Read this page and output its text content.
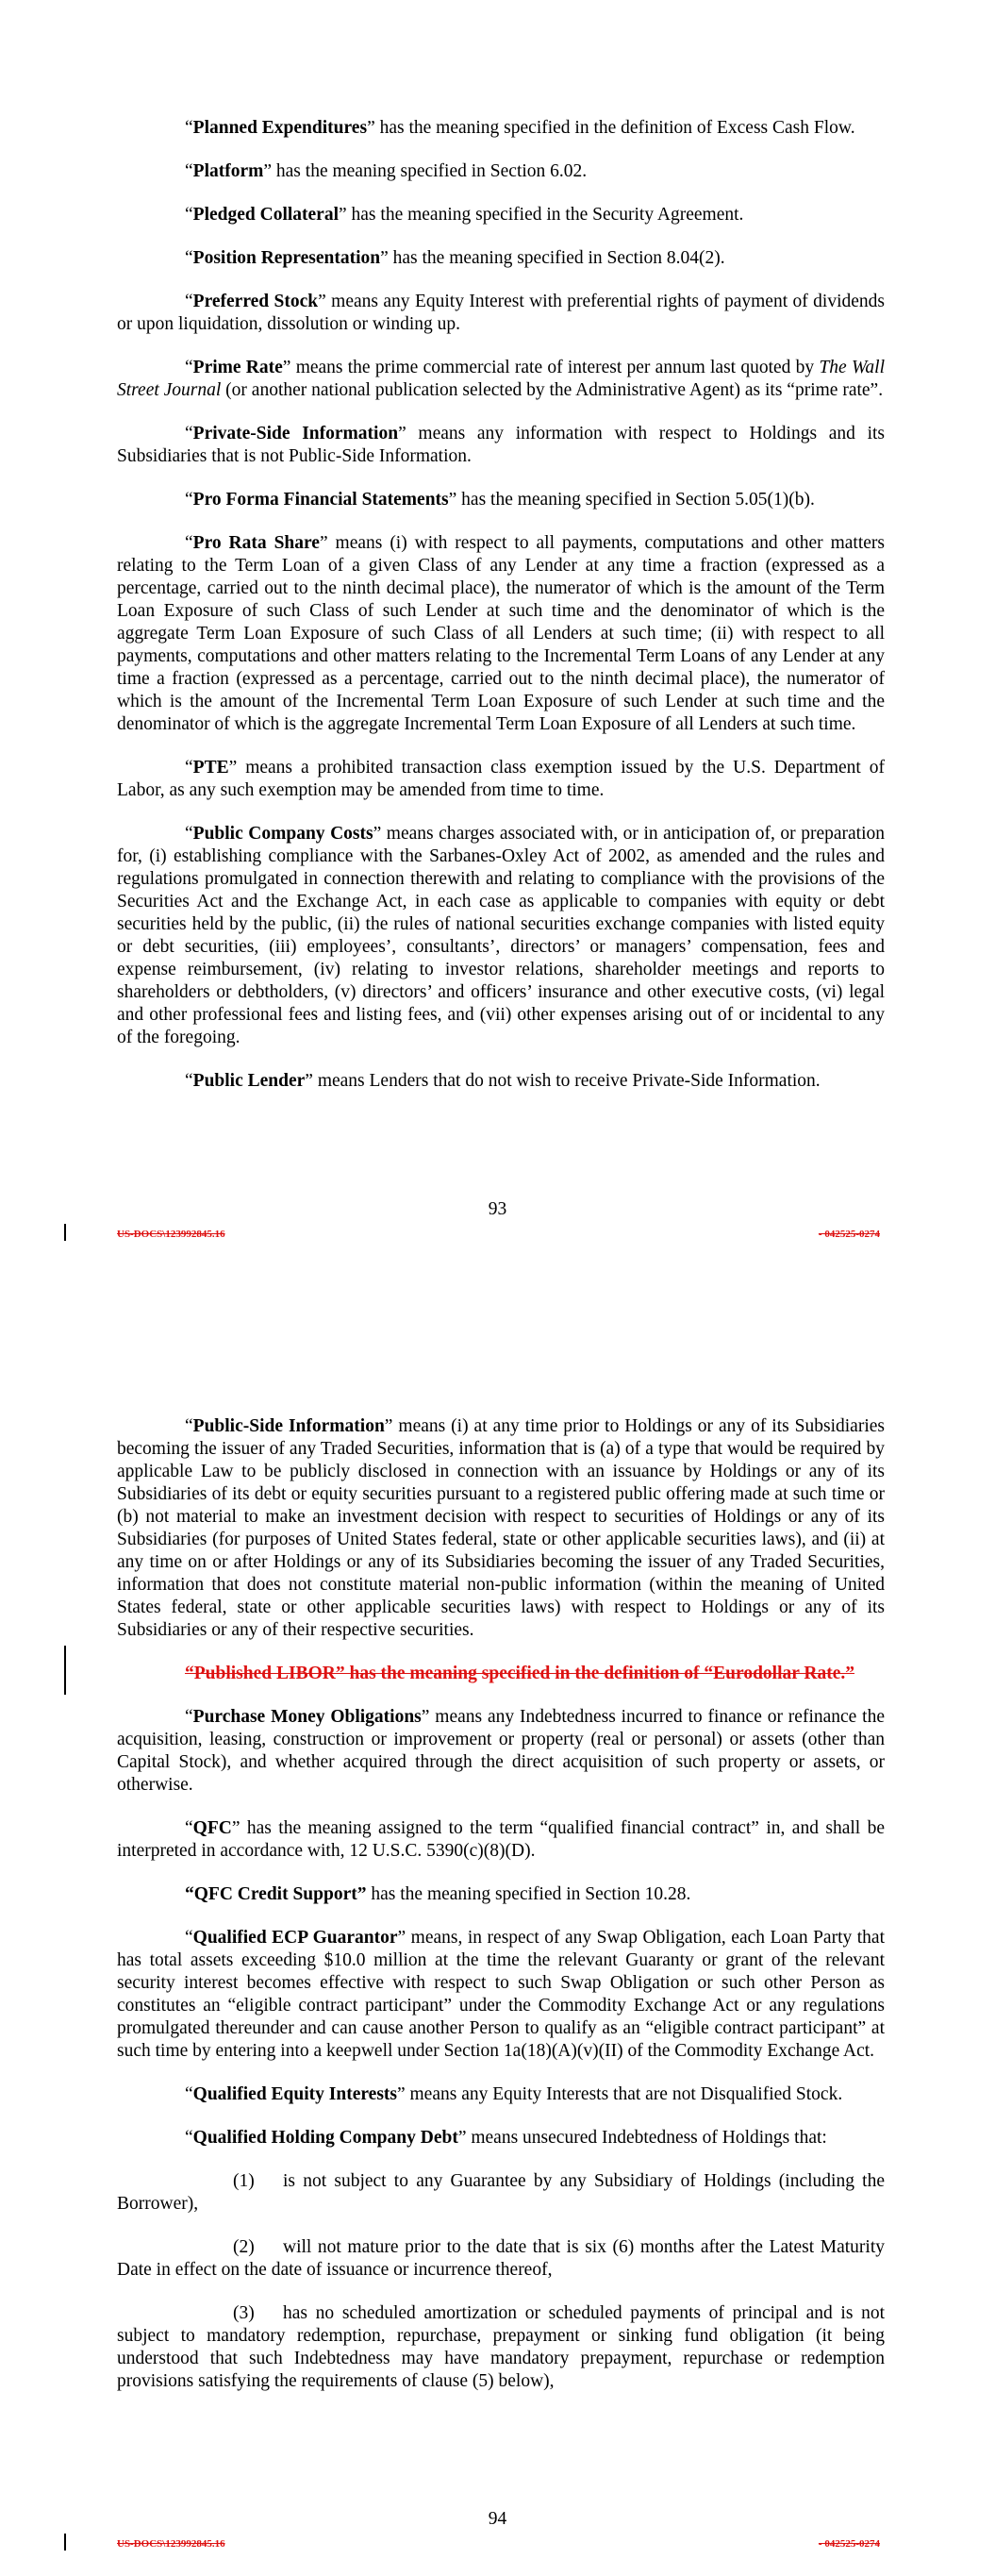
“Planned Expenditures” has the meaning specified in the definition of Excess Cash Flow.

“Platform” has the meaning specified in Section 6.02.

“Pledged Collateral” has the meaning specified in the Security Agreement.

“Position Representation” has the meaning specified in Section 8.04(2).

“Preferred Stock” means any Equity Interest with preferential rights of payment of dividends or upon liquidation, dissolution or winding up.

“Prime Rate” means the prime commercial rate of interest per annum last quoted by The Wall Street Journal (or another national publication selected by the Administrative Agent) as its “prime rate”.

“Private-Side Information” means any information with respect to Holdings and its Subsidiaries that is not Public-Side Information.

“Pro Forma Financial Statements” has the meaning specified in Section 5.05(1)(b).

“Pro Rata Share” means (i) with respect to all payments, computations and other matters relating to the Term Loan of a given Class of any Lender at any time a fraction (expressed as a percentage, carried out to the ninth decimal place), the numerator of which is the amount of the Term Loan Exposure of such Class of such Lender at such time and the denominator of which is the aggregate Term Loan Exposure of such Class of all Lenders at such time; (ii) with respect to all payments, computations and other matters relating to the Incremental Term Loans of any Lender at any time a fraction (expressed as a percentage, carried out to the ninth decimal place), the numerator of which is the amount of the Incremental Term Loan Exposure of such Lender at such time and the denominator of which is the aggregate Incremental Term Loan Exposure of all Lenders at such time.

“PTE” means a prohibited transaction class exemption issued by the U.S. Department of Labor, as any such exemption may be amended from time to time.

“Public Company Costs” means charges associated with, or in anticipation of, or preparation for, (i) establishing compliance with the Sarbanes-Oxley Act of 2002, as amended and the rules and regulations promulgated in connection therewith and relating to compliance with the provisions of the Securities Act and the Exchange Act, in each case as applicable to companies with equity or debt securities held by the public, (ii) the rules of national securities exchange companies with listed equity or debt securities, (iii) employees’, consultants’, directors’ or managers’ compensation, fees and expense reimbursement, (iv) relating to investor relations, shareholder meetings and reports to shareholders or debtholders, (v) directors’ and officers’ insurance and other executive costs, (vi) legal and other professional fees and listing fees, and (vii) other expenses arising out of or incidental to any of the foregoing.

“Public Lender” means Lenders that do not wish to receive Private-Side Information.

93
US-DOCS\123992845.16	- 042525-0274

“Public-Side Information” means (i) at any time prior to Holdings or any of its Subsidiaries becoming the issuer of any Traded Securities, information that is (a) of a type that would be required by applicable Law to be publicly disclosed in connection with an issuance by Holdings or any of its Subsidiaries of its debt or equity securities pursuant to a registered public offering made at such time or (b) not material to make an investment decision with respect to securities of Holdings or any of its Subsidiaries (for purposes of United States federal, state or other applicable securities laws), and (ii) at any time on or after Holdings or any of its Subsidiaries becoming the issuer of any Traded Securities, information that does not constitute material non-public information (within the meaning of United States federal, state or other applicable securities laws) with respect to Holdings or any of its Subsidiaries or any of their respective securities.

“Published LIBOR” has the meaning specified in the definition of “Eurodollar Rate.”

“Purchase Money Obligations” means any Indebtedness incurred to finance or refinance the acquisition, leasing, construction or improvement or property (real or personal) or assets (other than Capital Stock), and whether acquired through the direct acquisition of such property or assets, or otherwise.

“QFC” has the meaning assigned to the term “qualified financial contract” in, and shall be interpreted in accordance with, 12 U.S.C. 5390(c)(8)(D).

“QFC Credit Support” has the meaning specified in Section 10.28.

“Qualified ECP Guarantor” means, in respect of any Swap Obligation, each Loan Party that has total assets exceeding $10.0 million at the time the relevant Guaranty or grant of the relevant security interest becomes effective with respect to such Swap Obligation or such other Person as constitutes an “eligible contract participant” under the Commodity Exchange Act or any regulations promulgated thereunder and can cause another Person to qualify as an “eligible contract participant” at such time by entering into a keepwell under Section 1a(18)(A)(v)(II) of the Commodity Exchange Act.

“Qualified Equity Interests” means any Equity Interests that are not Disqualified Stock.

“Qualified Holding Company Debt” means unsecured Indebtedness of Holdings that:

(1) is not subject to any Guarantee by any Subsidiary of Holdings (including the Borrower),

(2) will not mature prior to the date that is six (6) months after the Latest Maturity Date in effect on the date of issuance or incurrence thereof,

(3) has no scheduled amortization or scheduled payments of principal and is not subject to mandatory redemption, repurchase, prepayment or sinking fund obligation (it being understood that such Indebtedness may have mandatory prepayment, repurchase or redemption provisions satisfying the requirements of clause (5) below),

94
US-DOCS\123992845.16	- 042525-0274
